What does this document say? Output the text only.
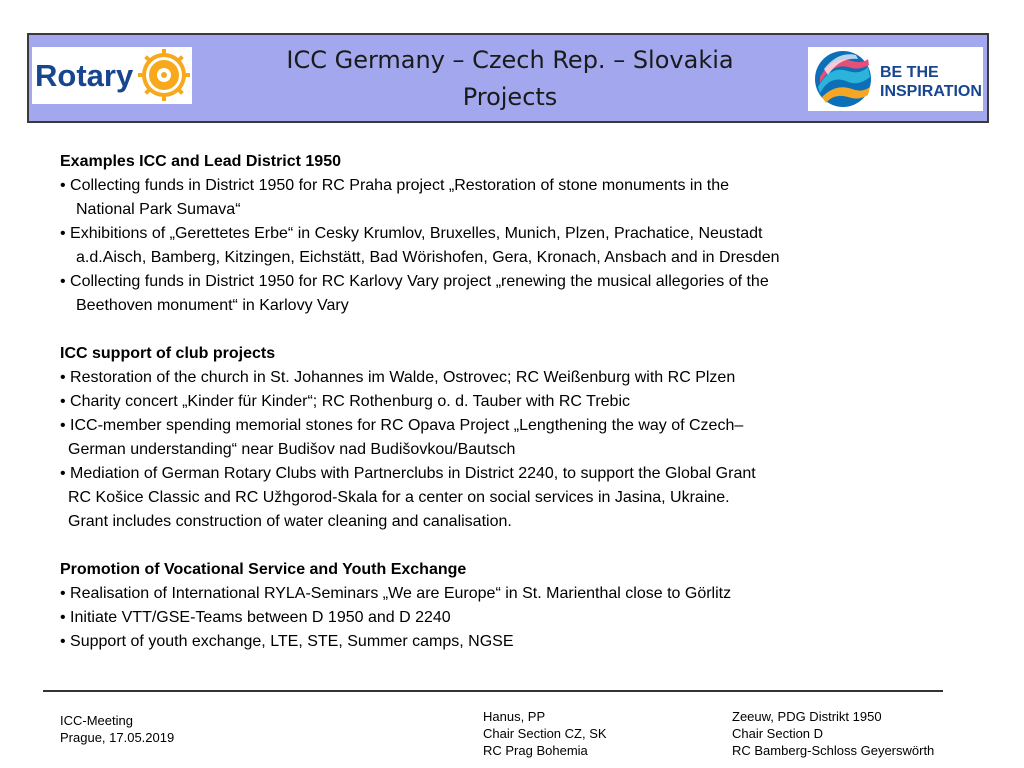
Rotary	ICC Germany – Czech Rep. – Slovakia
Projects
BE THE
INSPIRATION
Examples ICC and Lead District 1950
• Collecting funds in District 1950 for RC Praha project „Restoration of stone monuments in the
National Park Sumava“
• Exhibitions of „Gerettetes Erbe“ in Cesky Krumlov, Bruxelles, Munich, Plzen, Prachatice, Neustadt
a.d.Aisch, Bamberg, Kitzingen, Eichstätt, Bad Wörishofen, Gera, Kronach, Ansbach and in Dresden
• Collecting funds in District 1950 for RC Karlovy Vary project „renewing the musical allegories of the
Beethoven monument“ in Karlovy Vary
ICC support of club projects
• Restoration of the church in St. Johannes im Walde, Ostrovec; RC Weißenburg with RC Plzen
• Charity concert „Kinder für Kinder“; RC Rothenburg o. d. Tauber with RC Trebic
• ICC-member spending memorial stones for RC Opava Project „Lengthening the way of Czech–
German understanding“ near Budišov nad Budišovkou/Bautsch
• Mediation of German Rotary Clubs with Partnerclubs in District 2240, to support the Global Grant
RC Košice Classic and RC Užhgorod-Skala for a center on social services in Jasina, Ukraine.
Grant includes construction of water cleaning and canalisation.
Promotion of Vocational Service and Youth Exchange
• Realisation of International RYLA-Seminars „We are Europe“ in St. Marienthal close to Görlitz
• Initiate VTT/GSE-Teams between D 1950 and D 2240
• Support of youth exchange, LTE, STE, Summer camps, NGSE
ICC-Meeting
Prague, 17.05.2019
Hanus, PP
Chair Section CZ, SK
RC Prag Bohemia
Zeeuw, PDG Distrikt 1950
Chair Section D
RC Bamberg-Schloss Geyerswörth
